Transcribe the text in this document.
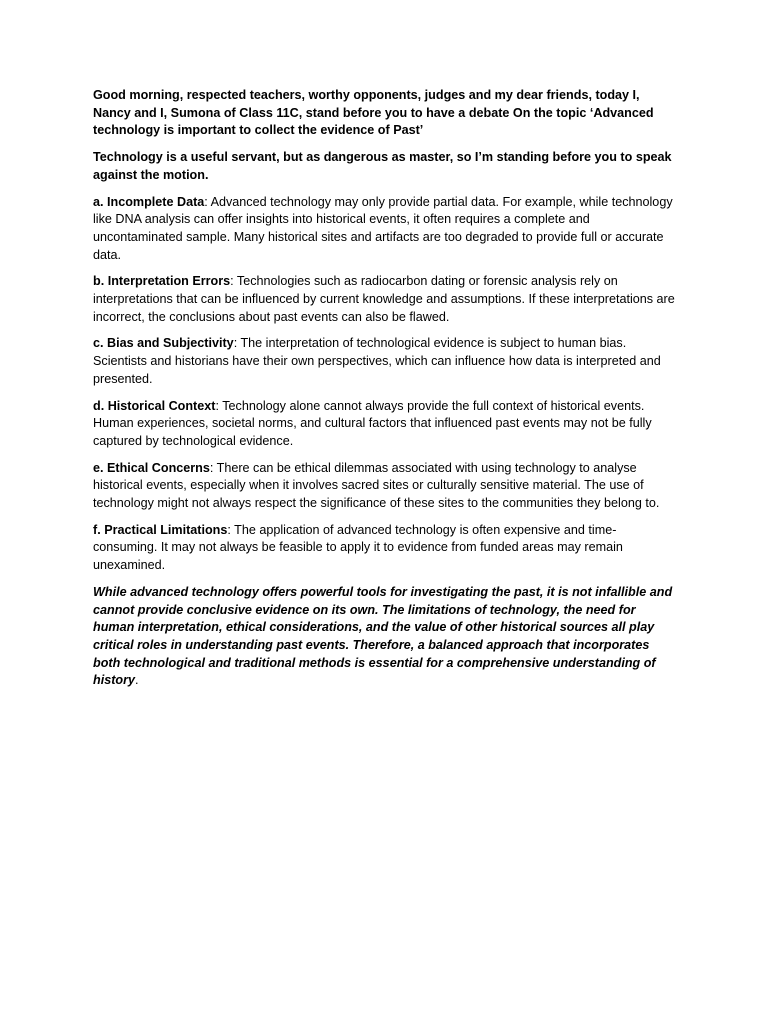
Good morning, respected teachers, worthy opponents, judges and my dear friends, today I, Nancy and I, Sumona of Class 11C, stand before you to have a debate On the topic ‘Advanced technology is important to collect the evidence of Past’

Technology is a useful servant, but as dangerous as master, so I’m standing before you to speak against the motion.

a. Incomplete Data: Advanced technology may only provide partial data. For example, while technology like DNA analysis can offer insights into historical events, it often requires a complete and uncontaminated sample. Many historical sites and artifacts are too degraded to provide full or accurate data.

b. Interpretation Errors: Technologies such as radiocarbon dating or forensic analysis rely on interpretations that can be influenced by current knowledge and assumptions. If these interpretations are incorrect, the conclusions about past events can also be flawed.

c. Bias and Subjectivity: The interpretation of technological evidence is subject to human bias. Scientists and historians have their own perspectives, which can influence how data is interpreted and presented.

d. Historical Context: Technology alone cannot always provide the full context of historical events. Human experiences, societal norms, and cultural factors that influenced past events may not be fully captured by technological evidence.

e. Ethical Concerns: There can be ethical dilemmas associated with using technology to analyse historical events, especially when it involves sacred sites or culturally sensitive material. The use of technology might not always respect the significance of these sites to the communities they belong to.

f. Practical Limitations: The application of advanced technology is often expensive and time-consuming. It may not always be feasible to apply it to evidence from funded areas may remain unexamined.

While advanced technology offers powerful tools for investigating the past, it is not infallible and cannot provide conclusive evidence on its own. The limitations of technology, the need for human interpretation, ethical considerations, and the value of other historical sources all play critical roles in understanding past events. Therefore, a balanced approach that incorporates both technological and traditional methods is essential for a comprehensive understanding of history.
